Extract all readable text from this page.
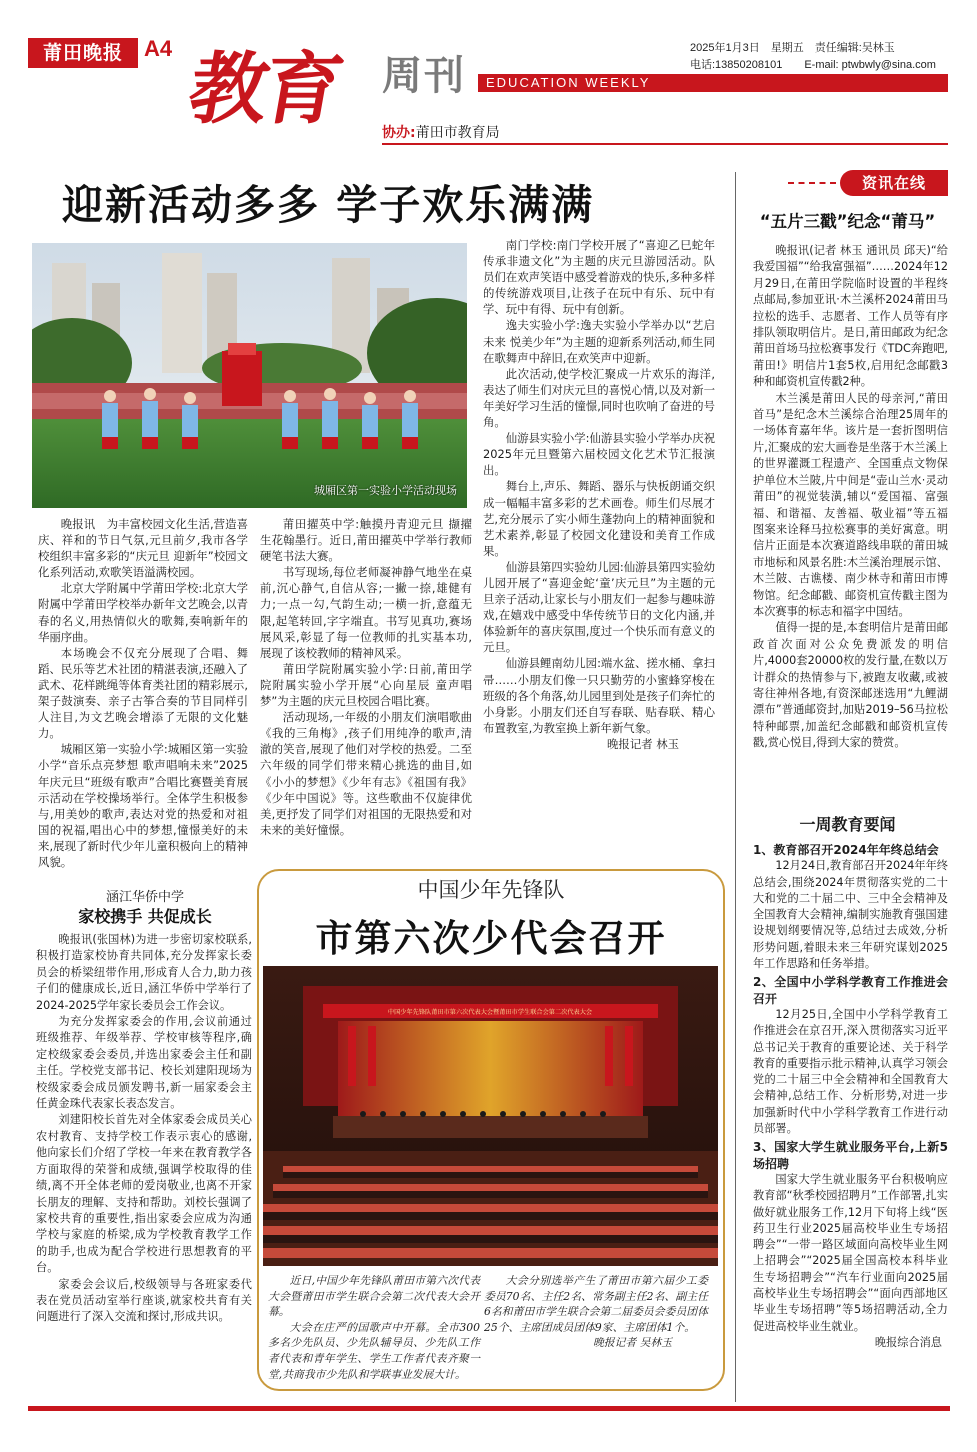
莆田晚报 A4 教育 周刊	EDUCATION WEEKLY
2025年1月3日　星期五　责任编辑:吴林玉
电话:13850208101　　E-mail: ptwbwly@sina.com
协办:莆田市教育局
迎新活动多多 学子欢乐满满
城厢区第一实验小学活动现场

晚报讯　为丰富校园文化生活,营造喜庆、祥和的节日气氛,元旦前夕,我市各学校组织丰富多彩的“庆元旦 迎新年”校园文化系列活动,欢歌笑语溢满校园。

北京大学附属中学莆田学校:北京大学附属中学莆田学校举办新年文艺晚会,以青春的名义,用热情似火的歌舞,奏响新年的华丽序曲。

本场晚会不仅充分展现了合唱、舞蹈、民乐等艺术社团的精湛表演,还融入了武术、花样跳绳等体育类社团的精彩展示,架子鼓演奏、亲子古筝合奏的节目同样引人注目,为文艺晚会增添了无限的文化魅力。

城厢区第一实验小学:城厢区第一实验小学“音乐点亮梦想 歌声唱响未来”2025年庆元旦“班级有歌声”合唱比赛暨美育展示活动在学校操场举行。全体学生积极参与,用美妙的歌声,表达对党的热爱和对祖国的祝福,唱出心中的梦想,憧憬美好的未来,展现了新时代少年儿童积极向上的精神风貌。

莆田擢英中学:触摸丹青迎元旦 撷擢生花翰墨行。近日,莆田擢英中学举行教师硬笔书法大赛。

书写现场,每位老师凝神静气地坐在桌前,沉心静气,自信从容;一撇一捺,雄健有力;一点一勾,气韵生动;一横一折,意蕴无限,起笔转回,字字端直。书写见真功,赛场展风采,彰显了每一位教师的扎实基本功,展现了该校教师的精神风采。

莆田学院附属实验小学:日前,莆田学院附属实验小学开展“心向星辰 童声唱梦”为主题的庆元旦校园合唱比赛。

活动现场,一年级的小朋友们演唱歌曲《我的三角梅》,孩子们用纯净的歌声,清澈的笑音,展现了他们对学校的热爱。二至六年级的同学们带来精心挑选的曲目,如《小小的梦想》《少年有志》《祖国有我》《少年中国说》等。这些歌曲不仅旋律优美,更抒发了同学们对祖国的无限热爱和对未来的美好憧憬。

南门学校:南门学校开展了“喜迎乙巳蛇年 传承非遗文化”为主题的庆元旦游园活动。队员们在欢声笑语中感受着游戏的快乐,多种多样的传统游戏项目,让孩子在玩中有乐、玩中有学、玩中有得、玩中有创新。

逸夫实验小学:逸夫实验小学举办以“艺启未来 悦美少年”为主题的迎新系列活动,师生同在歌舞声中辞旧,在欢笑声中迎新。

此次活动,使学校汇聚成一片欢乐的海洋,表达了师生们对庆元旦的喜悦心情,以及对新一年美好学习生活的憧憬,同时也吹响了奋进的号角。

仙游县实验小学:仙游县实验小学举办庆祝2025年元旦暨第六届校园文化艺术节汇报演出。

舞台上,声乐、舞蹈、器乐与快板朗诵交织成一幅幅丰富多彩的艺术画卷。师生们尽展才艺,充分展示了实小师生蓬勃向上的精神面貌和艺术素养,彰显了校园文化建设和美育工作成果。

仙游县第四实验幼儿园:仙游县第四实验幼儿园开展了“喜迎金蛇‘童’庆元旦”为主题的元旦亲子活动,让家长与小朋友们一起参与趣味游戏,在嬉戏中感受中华传统节日的文化内涵,并体验新年的喜庆氛围,度过一个快乐而有意义的元旦。

仙游县鲤南幼儿园:端水盆、搓水桶、拿扫帚……小朋友们像一只只勤劳的小蜜蜂穿梭在班级的各个角落,幼儿园里到处是孩子们奔忙的小身影。小朋友们还自写春联、贴春联、精心布置教室,为教室换上新年新气象。

晚报记者 林玉
资讯在线
“五片三戳”纪念“莆马”

晚报讯(记者 林玉 通讯员 邱天)“给我爱国福”“给我富强福”……2024年12月29日,在莆田学院临时设置的半程终点邮局,参加亚讯·木兰溪杯2024莆田马拉松的选手、志愿者、工作人员等有序排队领取明信片。是日,莆田邮政为纪念莆田首场马拉松赛事发行《TDC奔跑吧,莆田!》明信片1套5枚,启用纪念邮戳3种和邮资机宣传戳2种。

木兰溪是莆田人民的母亲河,“莆田首马”是纪念木兰溪综合治理25周年的一场体育嘉年华。该片是一套折图明信片,汇聚成的宏大画卷是坐落于木兰溪上的世界灌溉工程遗产、全国重点文物保护单位木兰陂,片中间是“壶山兰水·灵动莆田”的视觉装潢,辅以“爱国福、富强福、和谐福、友善福、敬业福”等五福图案来诠释马拉松赛事的美好寓意。明信片正面是本次赛道路线串联的莆田城市地标和风景名胜:木兰溪治理展示馆、木兰陂、古谯楼、南少林寺和莆田市博物馆。纪念邮戳、邮资机宣传戳主图为本次赛事的标志和福字中国结。

值得一提的是,本套明信片是莆田邮政首次面对公众免费派发的明信片,4000套20000枚的发行量,在数以万计群众的热情参与下,被跑友收藏,或被寄往神州各地,有资深邮迷选用“九鲤湖漂布”普通邮资封,加贴2019–56马拉松特种邮票,加盖纪念邮戳和邮资机宣传戳,赏心悦目,得到大家的赞赏。

一周教育要闻

1、教育部召开2024年年终总结会

12月24日,教育部召开2024年年终总结会,围绕2024年贯彻落实党的二十大和党的二十届二中、三中全会精神及全国教育大会精神,编制实施教育强国建设规划纲要情况等,总结过去成效,分析形势问题,着眼未来三年研究谋划2025年工作思路和任务举措。

2、全国中小学科学教育工作推进会召开

12月25日,全国中小学科学教育工作推进会在京召开,深入贯彻落实习近平总书记关于教育的重要论述、关于科学教育的重要指示批示精神,认真学习领会党的二十届三中全会精神和全国教育大会精神,总结工作、分析形势,对进一步加强新时代中小学科学教育工作进行动员部署。

3、国家大学生就业服务平台,上新5场招聘

国家大学生就业服务平台积极响应教育部“秋季校园招聘月”工作部署,扎实做好就业服务工作,12月下旬将上线“医药卫生行业2025届高校毕业生专场招聘会”“一带一路区域面向高校毕业生网上招聘会”“2025届全国高校本科毕业生专场招聘会”“汽车行业面向2025届高校毕业生专场招聘会”“面向西部地区毕业生专场招聘”等5场招聘活动,全力促进高校毕业生就业。

晚报综合消息

涵江华侨中学
家校携手 共促成长

晚报讯(张国林)为进一步密切家校联系,积极打造家校协育共同体,充分发挥家长委员会的桥梁纽带作用,形成育人合力,助力孩子们的健康成长,近日,涵江华侨中学举行了2024-2025学年家长委员会工作会议。

为充分发挥家委会的作用,会议前通过班级推荐、年级举荐、学校审核等程序,确定校级家委会委员,并选出家委会主任和副主任。学校党支部书记、校长刘建阳现场为校级家委会成员颁发聘书,新一届家委会主任黄金珠代表家长表态发言。

刘建阳校长首先对全体家委会成员关心农村教育、支持学校工作表示衷心的感谢,他向家长们介绍了学校一年来在教育教学各方面取得的荣誉和成绩,强调学校取得的佳绩,离不开全体老师的爱岗敬业,也离不开家长朋友的理解、支持和帮助。刘校长强调了家校共育的重要性,指出家委会应成为沟通学校与家庭的桥梁,成为学校教育教学工作的助手,也成为配合学校进行思想教育的平台。

家委会会议后,校级领导与各班家委代表在党员活动室举行座谈,就家校共育有关问题进行了深入交流和探讨,形成共识。

中国少年先锋队
市第六次少代会召开
中国少年先锋队莆田市第六次代表大会暨莆田市学生联合会第二次代表大会

近日,中国少年先锋队莆田市第六次代表大会暨莆田市学生联合会第二次代表大会开幕。

大会在庄严的国歌声中开幕。全市300多名少先队员、少先队辅导员、少先队工作者代表和青年学生、学生工作者代表齐聚一堂,共商我市少先队和学联事业发展大计。

大会分别选举产生了莆田市第六届少工委委员70名、主任2名、常务副主任2名、副主任6名和莆田市学生联合会第二届委员会委员团体25个、主席团成员团体9家、主席团体1个。

晚报记者 吴林玉
